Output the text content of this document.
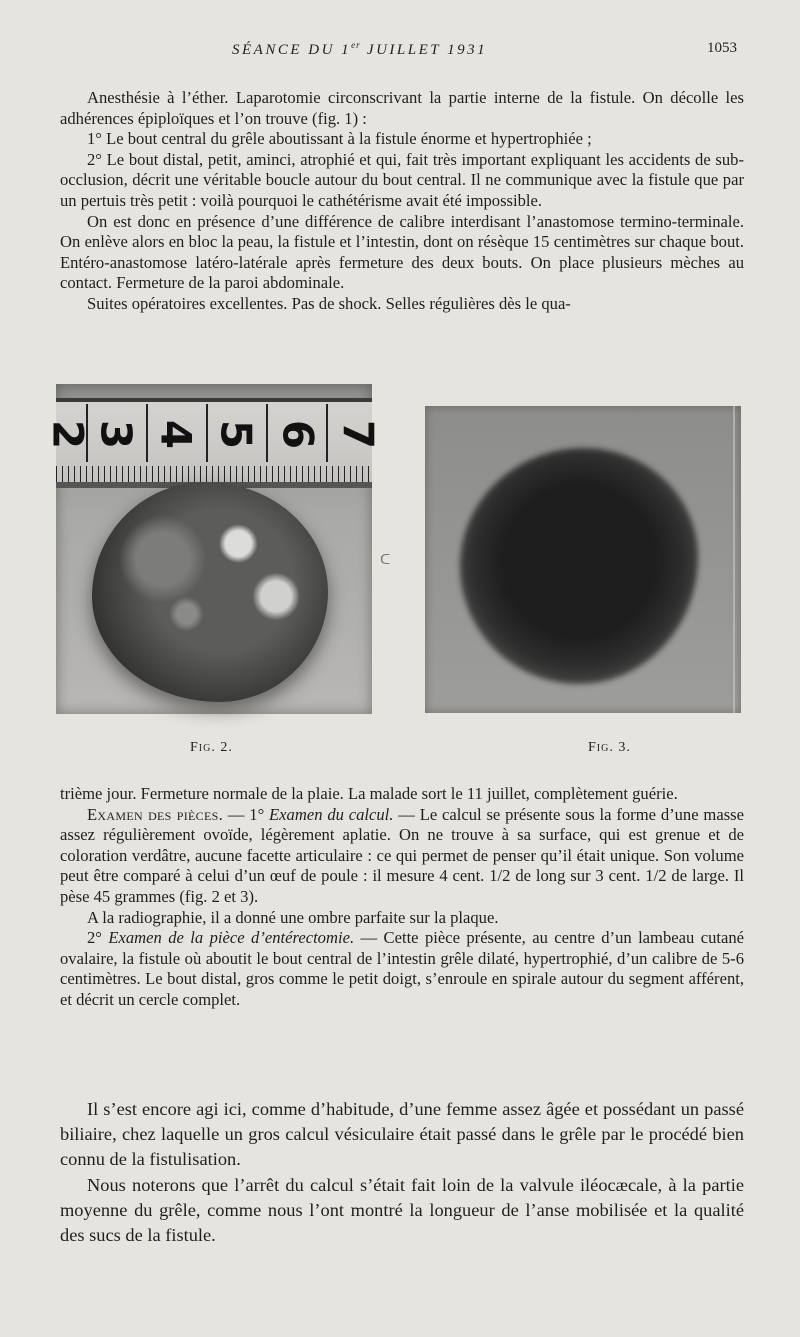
SÉANCE DU 1er JUILLET 1931	1053

Anesthésie à l’éther. Laparotomie circonscrivant la partie interne de la fistule. On décolle les adhérences épiploïques et l’on trouve (fig. 1) :

1° Le bout central du grêle aboutissant à la fistule énorme et hypertrophiée ;

2° Le bout distal, petit, aminci, atrophié et qui, fait très important expliquant les accidents de sub-occlusion, décrit une véritable boucle autour du bout central. Il ne communique avec la fistule que par un pertuis très petit : voilà pourquoi le cathétérisme avait été impossible.

On est donc en présence d’une différence de calibre interdisant l’anastomose termino-terminale. On enlève alors en bloc la peau, la fistule et l’intestin, dont on résèque 15 centimètres sur chaque bout. Entéro-anastomose latéro-latérale après fermeture des deux bouts. On place plusieurs mèches au contact. Fermeture de la paroi abdominale.

Suites opératoires excellentes. Pas de shock. Selles régulières dès le qua-

2 3 4 5 6 7
ᑕ
Fig. 2.	Fig. 3.

trième jour. Fermeture normale de la plaie. La malade sort le 11 juillet, complètement guérie.

Examen des pièces. — 1° Examen du calcul. — Le calcul se présente sous la forme d’une masse assez régulièrement ovoïde, légèrement aplatie. On ne trouve à sa surface, qui est grenue et de coloration verdâtre, aucune facette articulaire : ce qui permet de penser qu’il était unique. Son volume peut être comparé à celui d’un œuf de poule : il mesure 4 cent. 1/2 de long sur 3 cent. 1/2 de large. Il pèse 45 grammes (fig. 2 et 3).

A la radiographie, il a donné une ombre parfaite sur la plaque.

2° Examen de la pièce d’entérectomie. — Cette pièce présente, au centre d’un lambeau cutané ovalaire, la fistule où aboutit le bout central de l’intestin grêle dilaté, hypertrophié, d’un calibre de 5-6 centimètres. Le bout distal, gros comme le petit doigt, s’enroule en spirale autour du segment afférent, et décrit un cercle complet.

Il s’est encore agi ici, comme d’habitude, d’une femme assez âgée et possédant un passé biliaire, chez laquelle un gros calcul vésiculaire était passé dans le grêle par le procédé bien connu de la fistulisation.

Nous noterons que l’arrêt du calcul s’était fait loin de la valvule iléocæcale, à la partie moyenne du grêle, comme nous l’ont montré la longueur de l’anse mobilisée et la qualité des sucs de la fistule.
